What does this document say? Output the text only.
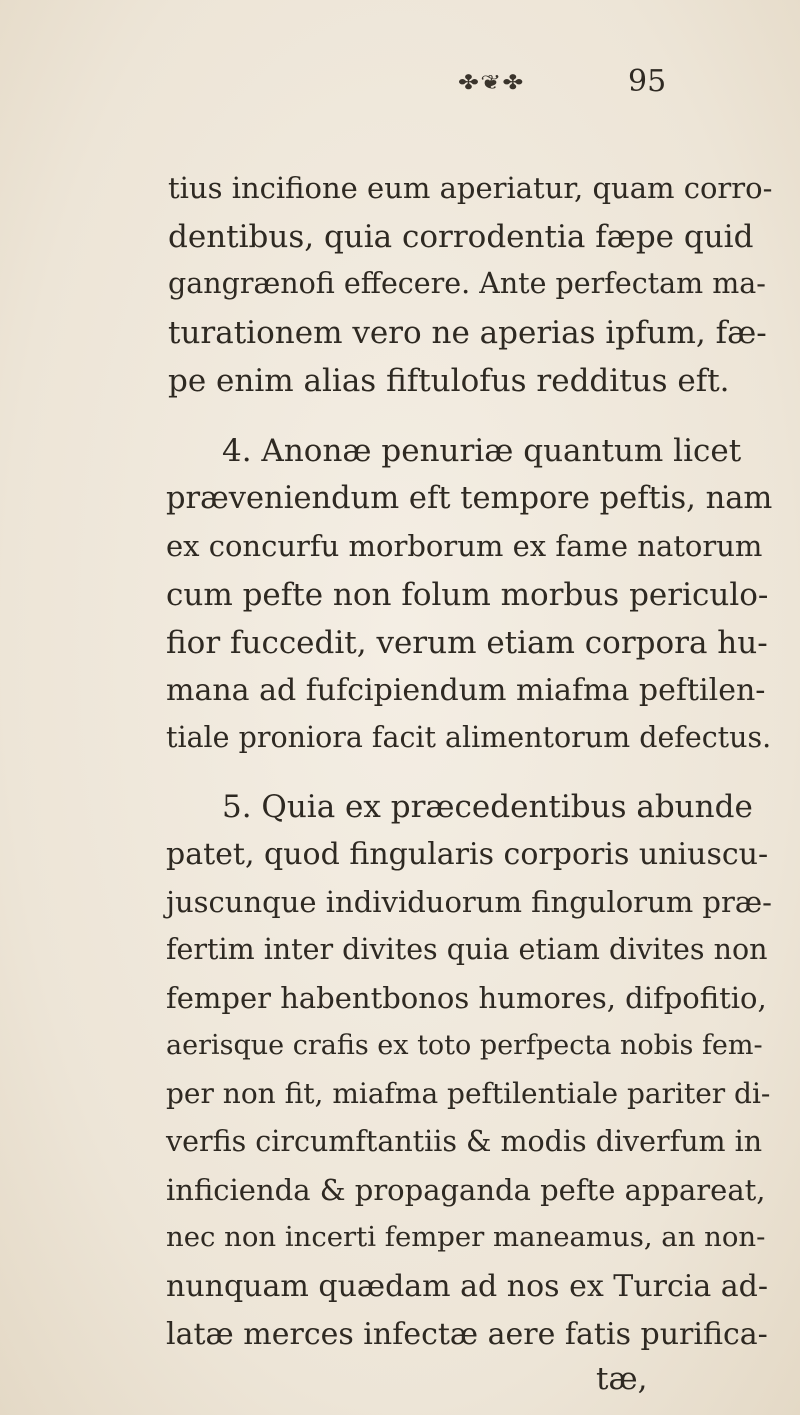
✤❦✤	95
tius incifione eum aperiatur, quam corro-
dentibus, quia corrodentia fæpe quid
gangrænofi effecere. Ante perfectam ma-
turationem vero ne aperias ipfum, fæ-
pe enim alias fiftulofus redditus eft.
4. Anonæ penuriæ quantum licet
præveniendum eft tempore peftis, nam
ex concurfu morborum ex fame natorum
cum pefte non folum morbus periculo-
fior fuccedit, verum etiam corpora hu-
mana ad fufcipiendum miafma peftilen-
tiale proniora facit alimentorum defectus.
5. Quia ex præcedentibus abunde
patet, quod fingularis corporis uniuscu-
juscunque individuorum fingulorum præ-
fertim inter divites quia etiam divites non
femper habentbonos humores, difpofitio,
aerisque crafis ex toto perfpecta nobis fem-
per non fit, miafma peftilentiale pariter di-
verfis circumftantiis & modis diverfum in
inficienda & propaganda pefte appareat,
nec non incerti femper maneamus, an non-
nunquam quædam ad nos ex Turcia ad-
latæ merces infectæ aere fatis purifica-
tæ,
